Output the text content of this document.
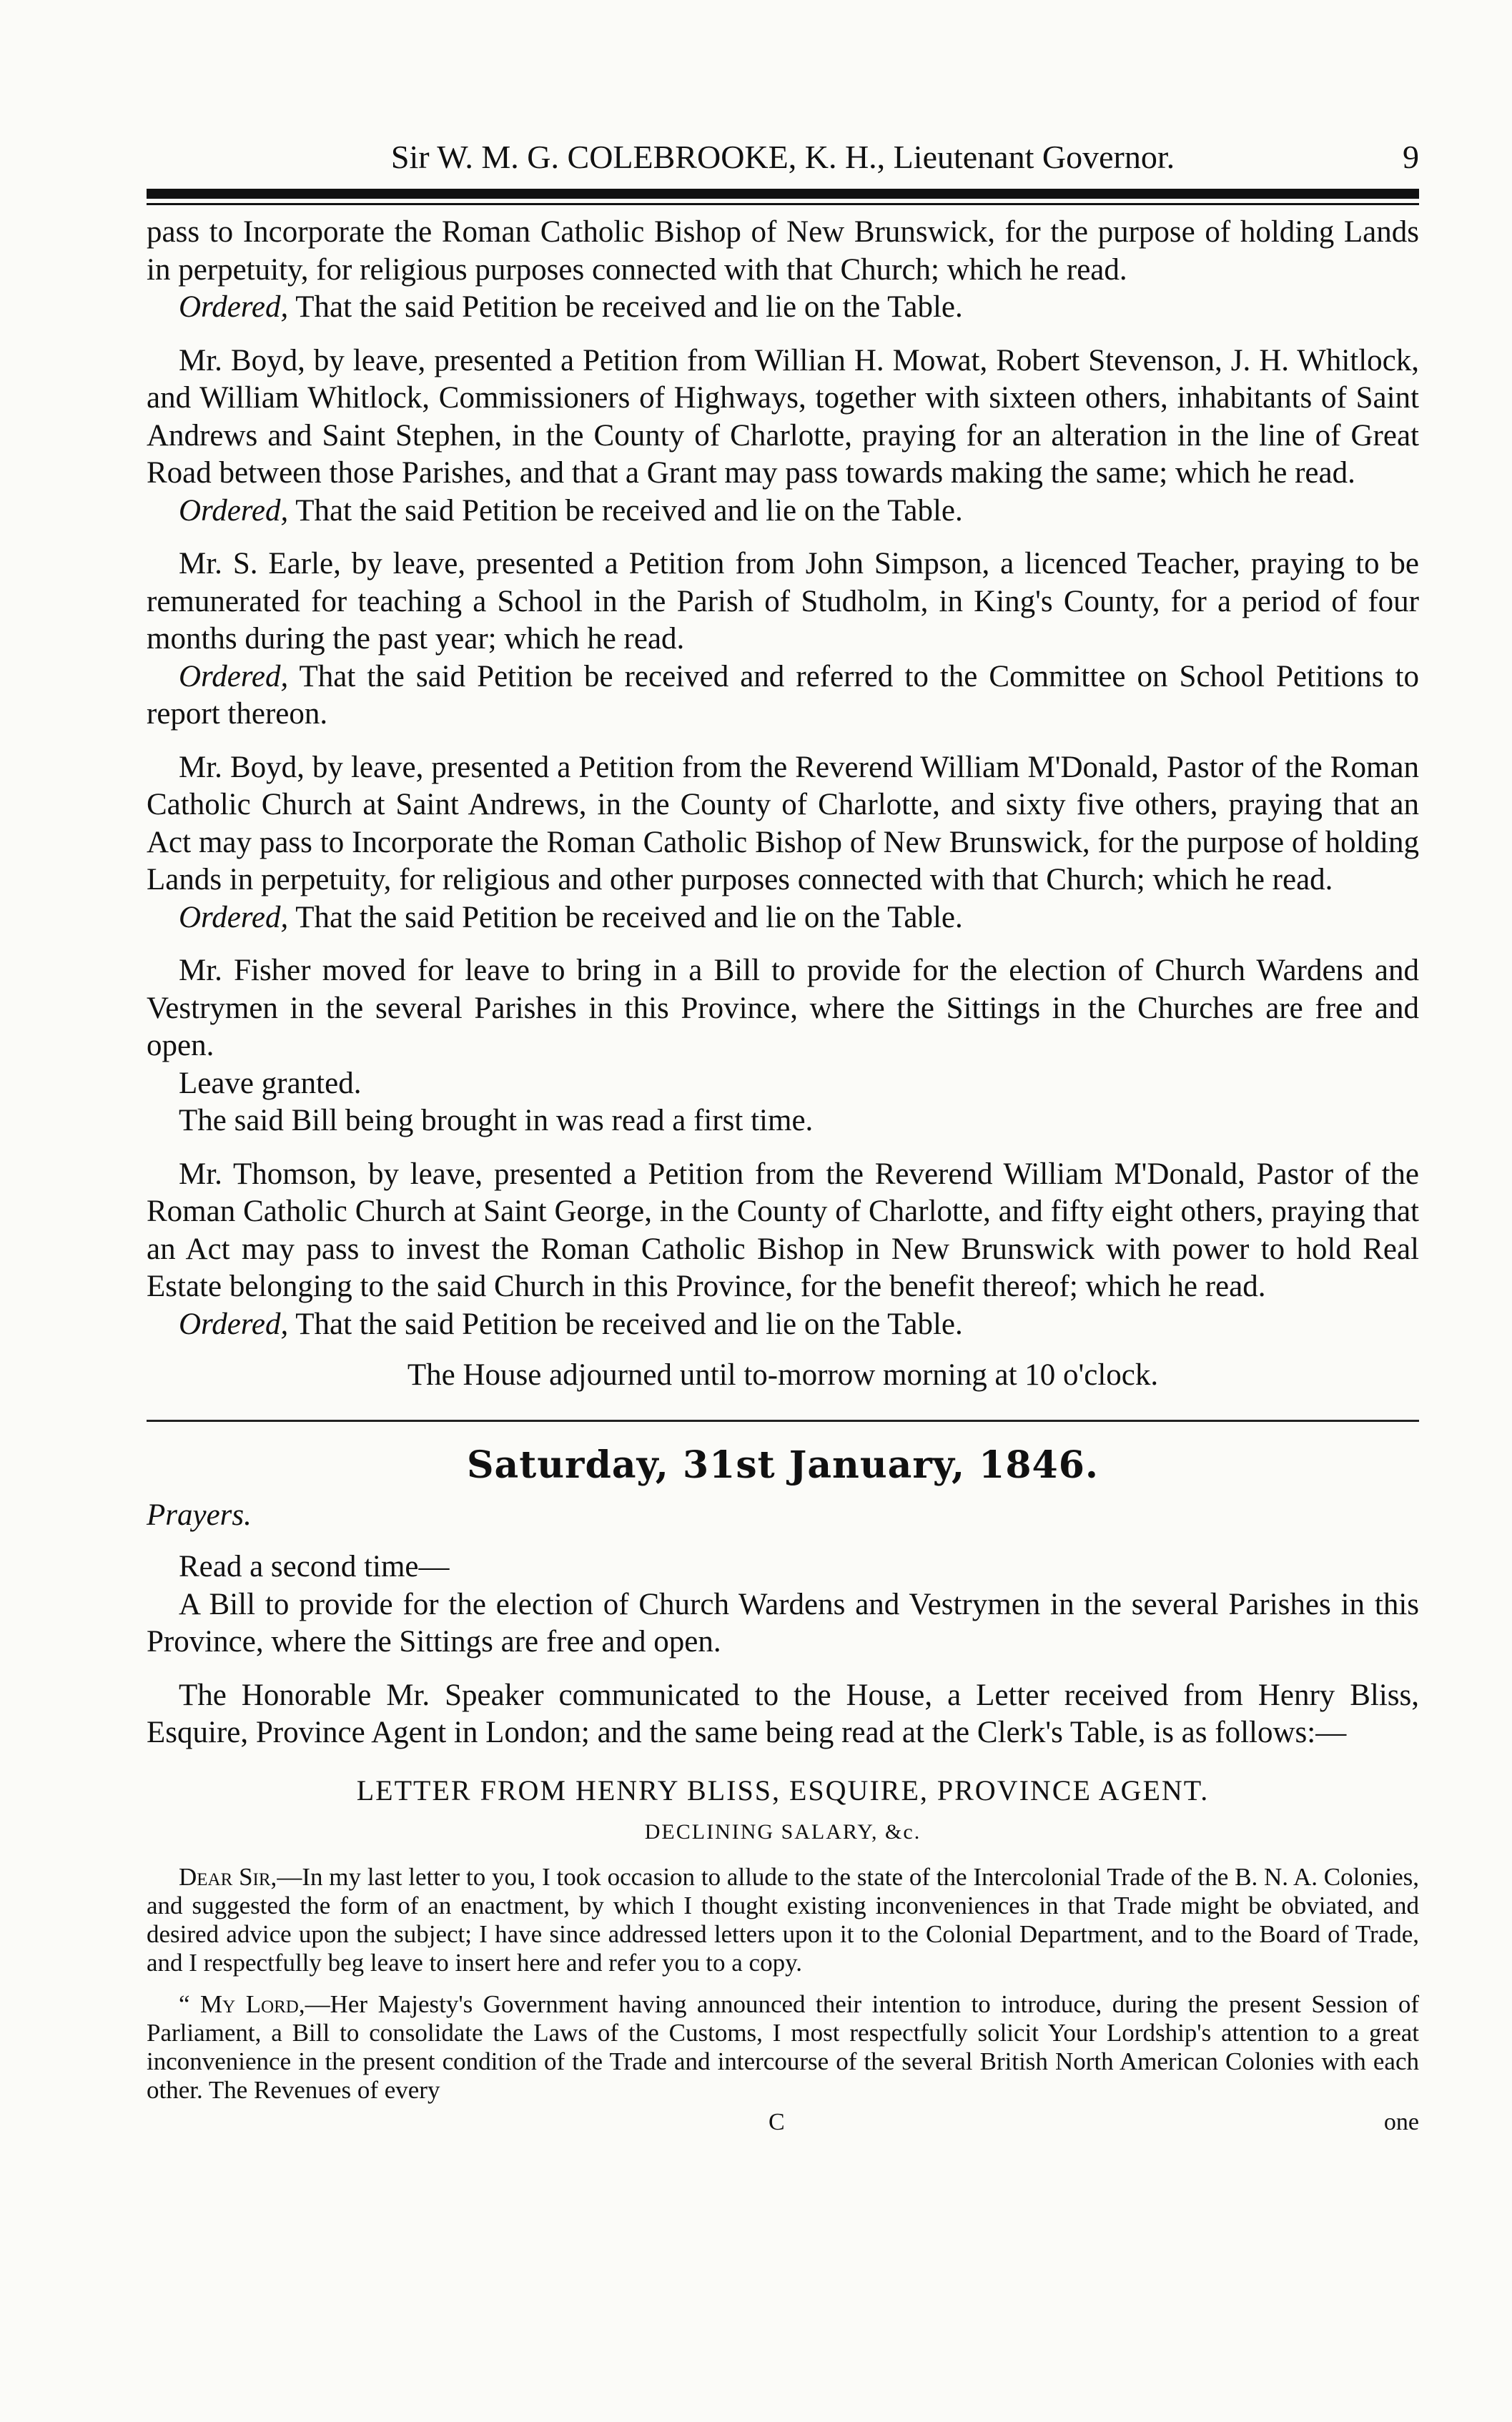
Sir W. M. G. COLEBROOKE, K. H., Lieutenant Governor.	9

pass to Incorporate the Roman Catholic Bishop of New Brunswick, for the purpose of holding Lands in perpetuity, for religious purposes connected with that Church; which he read.

Ordered, That the said Petition be received and lie on the Table.

Mr. Boyd, by leave, presented a Petition from Willian H. Mowat, Robert Stevenson, J. H. Whitlock, and William Whitlock, Commissioners of Highways, together with sixteen others, inhabitants of Saint Andrews and Saint Stephen, in the County of Charlotte, praying for an alteration in the line of Great Road between those Parishes, and that a Grant may pass towards making the same; which he read.

Ordered, That the said Petition be received and lie on the Table.

Mr. S. Earle, by leave, presented a Petition from John Simpson, a licenced Teacher, praying to be remunerated for teaching a School in the Parish of Studholm, in King's County, for a period of four months during the past year; which he read.

Ordered, That the said Petition be received and referred to the Committee on School Petitions to report thereon.

Mr. Boyd, by leave, presented a Petition from the Reverend William M'Donald, Pastor of the Roman Catholic Church at Saint Andrews, in the County of Charlotte, and sixty five others, praying that an Act may pass to Incorporate the Roman Catholic Bishop of New Brunswick, for the purpose of holding Lands in perpetuity, for religious and other purposes connected with that Church; which he read.

Ordered, That the said Petition be received and lie on the Table.

Mr. Fisher moved for leave to bring in a Bill to provide for the election of Church Wardens and Vestrymen in the several Parishes in this Province, where the Sittings in the Churches are free and open.

Leave granted.

The said Bill being brought in was read a first time.

Mr. Thomson, by leave, presented a Petition from the Reverend William M'Donald, Pastor of the Roman Catholic Church at Saint George, in the County of Charlotte, and fifty eight others, praying that an Act may pass to invest the Roman Catholic Bishop in New Brunswick with power to hold Real Estate belonging to the said Church in this Province, for the benefit thereof; which he read.

Ordered, That the said Petition be received and lie on the Table.

The House adjourned until to-morrow morning at 10 o'clock.

Saturday, 31st January, 1846.

Prayers.

Read a second time—

A Bill to provide for the election of Church Wardens and Vestrymen in the several Parishes in this Province, where the Sittings are free and open.

The Honorable Mr. Speaker communicated to the House, a Letter received from Henry Bliss, Esquire, Province Agent in London; and the same being read at the Clerk's Table, is as follows:—

LETTER FROM HENRY BLISS, ESQUIRE, PROVINCE AGENT.
DECLINING SALARY, &c.

Dear Sir,—In my last letter to you, I took occasion to allude to the state of the Intercolonial Trade of the B. N. A. Colonies, and suggested the form of an enactment, by which I thought existing inconveniences in that Trade might be obviated, and desired advice upon the subject; I have since addressed letters upon it to the Colonial Department, and to the Board of Trade, and I respectfully beg leave to insert here and refer you to a copy.

“ My Lord,—Her Majesty's Government having announced their intention to introduce, during the present Session of Parliament, a Bill to consolidate the Laws of the Customs, I most respectfully solicit Your Lordship's attention to a great inconvenience in the present condition of the Trade and intercourse of the several British North American Colonies with each other. The Revenues of every

C	one
